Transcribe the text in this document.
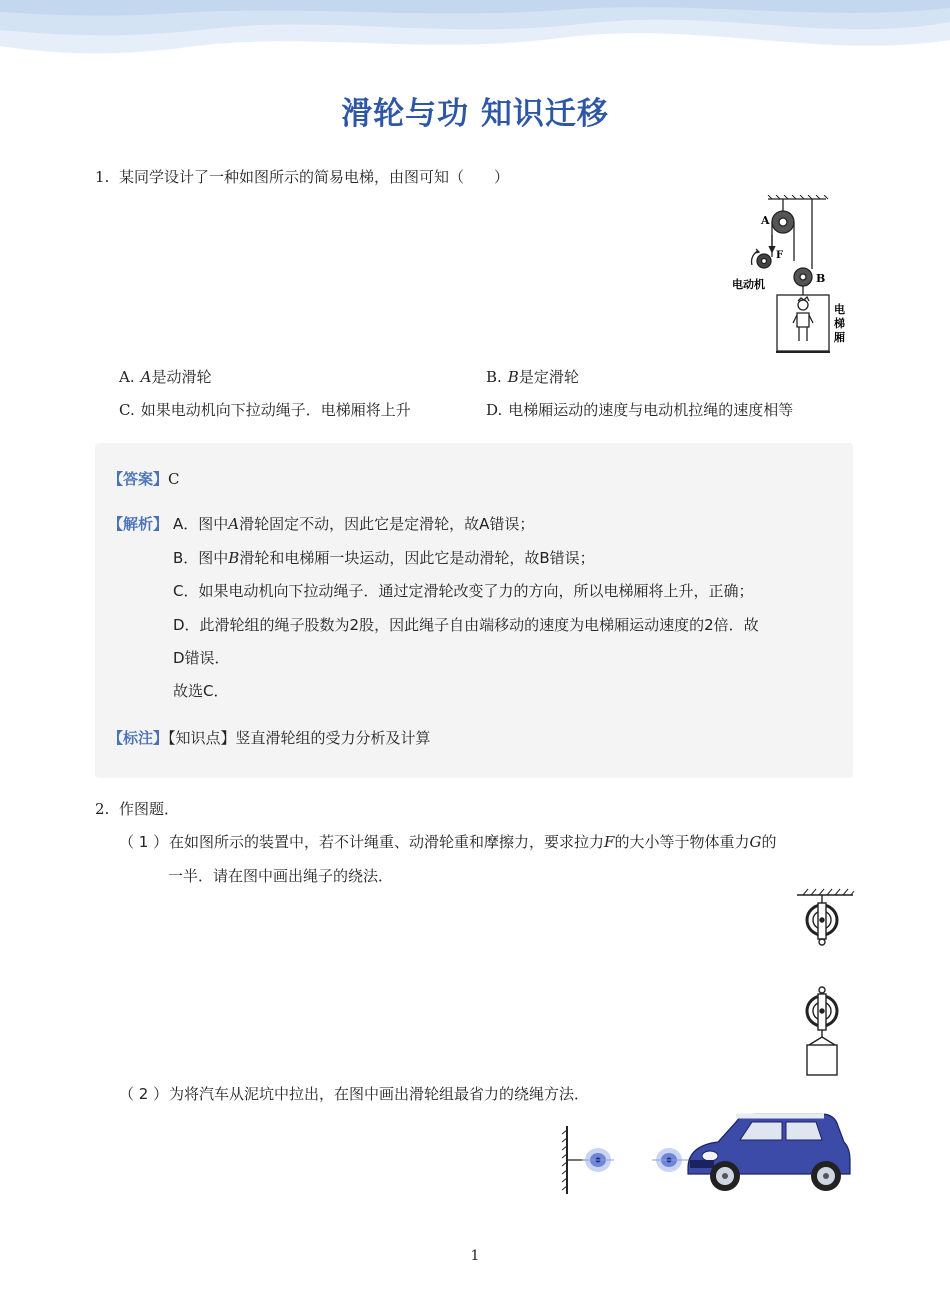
滑轮与功 知识迁移
1. 某同学设计了一种如图所示的简易电梯，由图可知（　　）
A
F
B
电动机
电
梯
厢
A. A是动滑轮	B. B是定滑轮
C. 如果电动机向下拉动绳子．电梯厢将上升	D. 电梯厢运动的速度与电动机拉绳的速度相等
【答案】C
【解析】 A．图中A滑轮固定不动，因此它是定滑轮，故A错误；
B．图中B滑轮和电梯厢一块运动，因此它是动滑轮，故B错误；
C．如果电动机向下拉动绳子．通过定滑轮改变了力的方向，所以电梯厢将上升，正确；
D．此滑轮组的绳子股数为2股，因此绳子自由端移动的速度为电梯厢运动速度的2倍．故
D错误．
故选C．
【标注】【知识点】竖直滑轮组的受力分析及计算
2. 作图题．
（ 1 ）在如图所示的装置中，若不计绳重、动滑轮重和摩擦力，要求拉力F的大小等于物体重力G的
一半．请在图中画出绳子的绕法．
（ 2 ）为将汽车从泥坑中拉出，在图中画出滑轮组最省力的绕绳方法．
1
